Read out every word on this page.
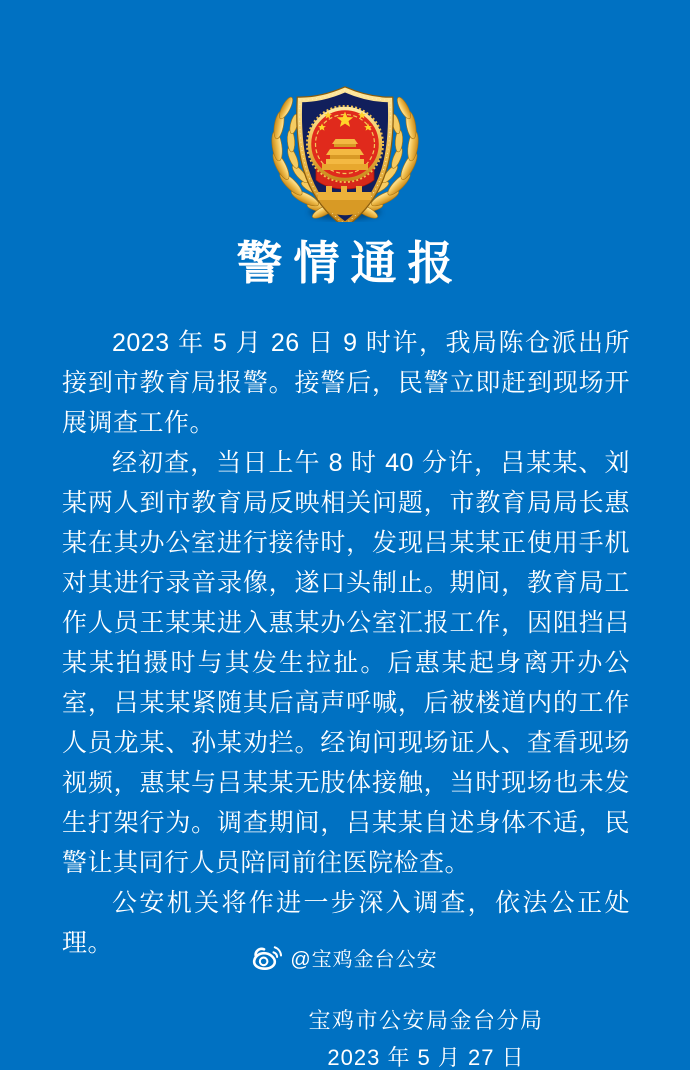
警情通报

2023 年 5 月 26 日 9 时许，我局陈仓派出所接到市教育局报警。接警后，民警立即赶到现场开展调查工作。

经初查，当日上午 8 时 40 分许，吕某某、刘某两人到市教育局反映相关问题，市教育局局长惠某在其办公室进行接待时，发现吕某某正使用手机对其进行录音录像，遂口头制止。期间，教育局工作人员王某某进入惠某办公室汇报工作，因阻挡吕某某拍摄时与其发生拉扯。后惠某起身离开办公室，吕某某紧随其后高声呼喊，后被楼道内的工作人员龙某、孙某劝拦。经询问现场证人、查看现场视频，惠某与吕某某无肢体接触，当时现场也未发生打架行为。调查期间，吕某某自述身体不适，民警让其同行人员陪同前往医院检查。

公安机关将作进一步深入调查，依法公正处理。

宝鸡市公安局金台分局
2023 年 5 月 27 日
@宝鸡金台公安
